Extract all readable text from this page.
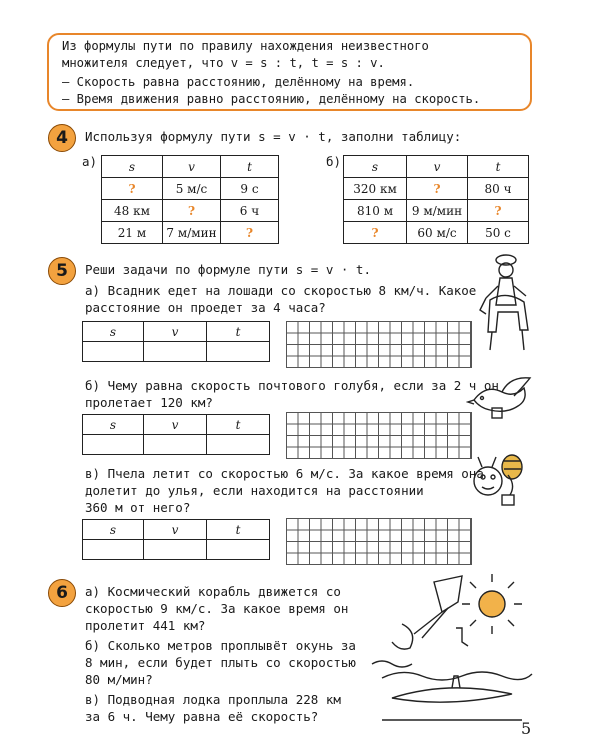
Из формулы пути по правилу нахождения неизвестного
множителя следует, что v = s : t, t = s : v.
— Скорость равна расстоянию, делённому на время.
— Время движения равно расстоянию, делённому на скорость.
4	Используя формулу пути s = v · t, заполни таблицу:
а)	б)
s	v	t
?	5 м/с	9 с
48 км	?	6 ч
21 м	7 м/мин	?
s	v	t
320 км	?	80 ч
810 м	9 м/мин	?
?	60 м/с	50 с
5	Реши задачи по формуле пути s = v · t.
а) Всадник едет на лошади со скоростью 8 км/ч. Какое
расстояние он проедет за 4 часа?
s	v	t

б) Чему равна скорость почтового голубя, если за 2 ч он
пролетает 120 км?
s	v	t

в) Пчела летит со скоростью 6 м/с. За какое время она
долетит до улья, если находится на расстоянии
360 м от него?
s	v	t

6	а) Космический корабль движется со
скоростью 9 км/с. За какое время он
пролетит 441 км?
б) Сколько метров проплывёт окунь за
8 мин, если будет плыть со скоростью
80 м/мин?
в) Подводная лодка проплыла 228 км
за 6 ч. Чему равна её скорость?
5
